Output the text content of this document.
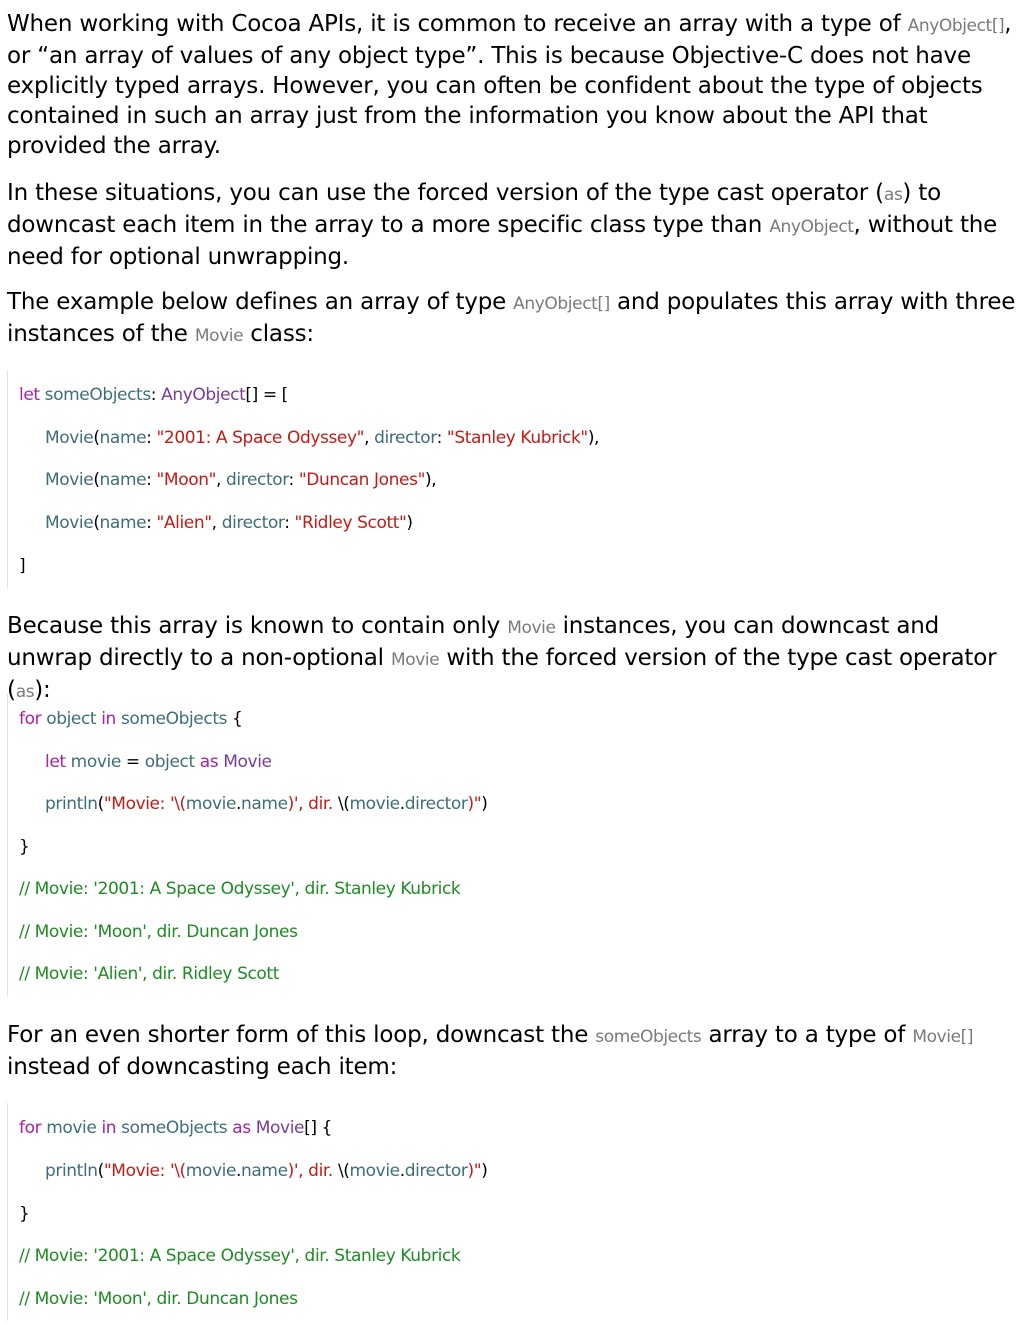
When working with Cocoa APIs, it is common to receive an array with a type of AnyObject[], or “an array of values of any object type”. This is because Objective-C does not have explicitly typed arrays. However, you can often be confident about the type of objects contained in such an array just from the information you know about the API that provided the array.

In these situations, you can use the forced version of the type cast operator (as) to downcast each item in the array to a more specific class type than AnyObject, without the need for optional unwrapping.

The example below defines an array of type AnyObject[] and populates this array with three instances of the Movie class:

let someObjects: AnyObject[] = [
Movie(name: "2001: A Space Odyssey", director: "Stanley Kubrick"),
Movie(name: "Moon", director: "Duncan Jones"),
Movie(name: "Alien", director: "Ridley Scott")
]

Because this array is known to contain only Movie instances, you can downcast and unwrap directly to a non-optional Movie with the forced version of the type cast operator (as):

for object in someObjects {
let movie = object as Movie
println("Movie: '\(movie.name)', dir. \(movie.director)")
}
// Movie: '2001: A Space Odyssey', dir. Stanley Kubrick
// Movie: 'Moon', dir. Duncan Jones
// Movie: 'Alien', dir. Ridley Scott

For an even shorter form of this loop, downcast the someObjects array to a type of Movie[] instead of downcasting each item:

for movie in someObjects as Movie[] {
println("Movie: '\(movie.name)', dir. \(movie.director)")
}
// Movie: '2001: A Space Odyssey', dir. Stanley Kubrick
// Movie: 'Moon', dir. Duncan Jones
